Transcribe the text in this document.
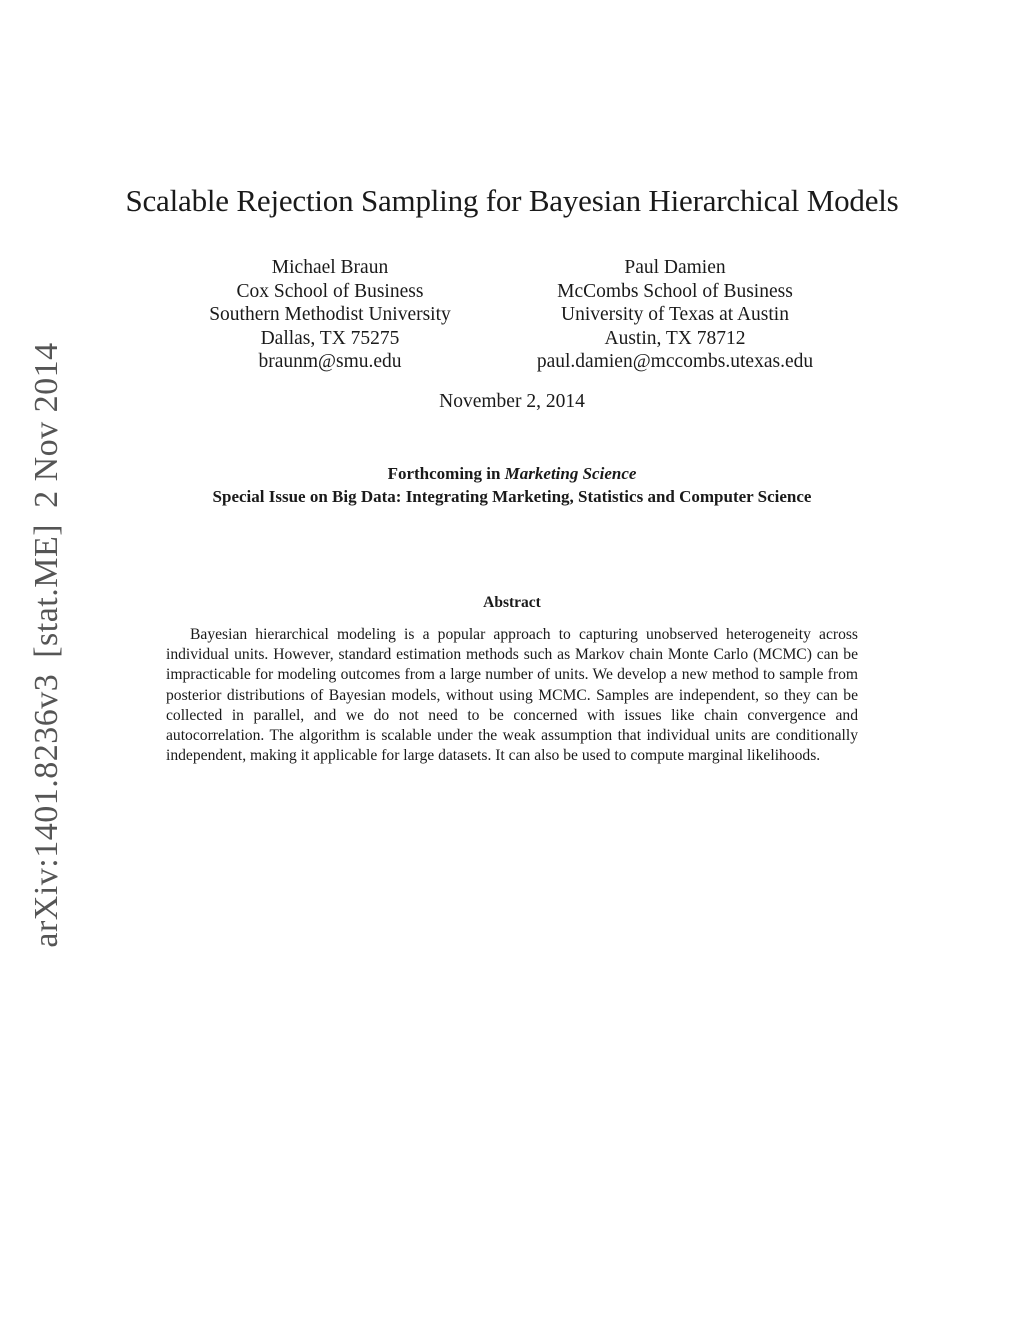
arXiv:1401.8236v3[stat.ME]2 Nov 2014
Scalable Rejection Sampling for Bayesian Hierarchical Models
Michael Braun
Cox School of Business
Southern Methodist University
Dallas, TX 75275
braunm@smu.edu
Paul Damien
McCombs School of Business
University of Texas at Austin
Austin, TX 78712
paul.damien@mccombs.utexas.edu
November 2, 2014
Forthcoming in Marketing Science
Special Issue on Big Data: Integrating Marketing, Statistics and Computer Science
Abstract
Bayesian hierarchical modeling is a popular approach to capturing unobserved heterogeneity across individual units. However, standard estimation methods such as Markov chain Monte Carlo (MCMC) can be impracticable for modeling outcomes from a large number of units. We develop a new method to sample from posterior distributions of Bayesian models, without using MCMC. Samples are independent, so they can be collected in parallel, and we do not need to be concerned with issues like chain convergence and autocorrelation. The algorithm is scalable under the weak assumption that individual units are conditionally independent, making it applicable for large datasets. It can also be used to compute marginal likelihoods.
